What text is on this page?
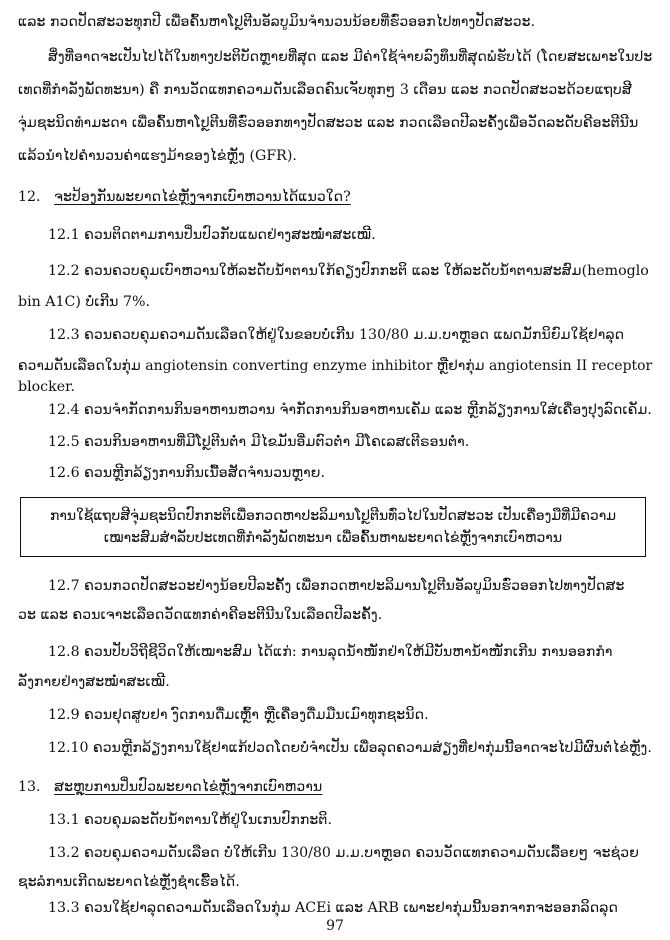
ແລະ ກວດປັດສະວະທຸກປີ ເພື່ອຄົ້ນຫາໂປຼຕີນອັລບູມິນຈຳນວນນ້ອຍທີ່ຮົ່ວອອກໄປທາງປັດສະວະ.
ສິ່ງທີ່ອາດຈະເປັນໄປໄດ້ໃນທາງປະຕິບັດຫຼາຍທີ່ສຸດ ແລະ ມີຄ່າໃຊ້ຈ່າຍລົງທຶນທີ່ສຸດພໍຮັບໄດ້ (ໂດຍສະເພາະໃນປະ
ເທດທີ່ກຳລັງພັດທະນາ) ຄື ການວັດແທກຄວາມດັນເລືອດຄົນເຈັບທຸກໆ 3 ເດືອນ ແລະ ກວດປັດສະວະດ້ວຍແຖບສີ
ຈຸ່ມຊະນິດທຳມະດາ ເພື່ອຄົ້ນຫາໂປຼຕີນທີ່ຮົ່ວອອກທາງປັດສະວະ ແລະ ກວດເລືອດປີລະຄັ້ງເພື່ອວັດລະດັບຄີອະຕີນີນ
ແລ້ວນຳໄປຄຳນວນຄ່າແຮງມ້າຂອງໄຂ່ຫຼັງ (GFR).
12. ຈະປ້ອງກັນພະຍາດໄຂ່ຫຼັງຈາກເບົາຫວານໄດ້ແນວໃດ?
12.1 ຄວນຕິດຕາມການປິ່ນປົວກັບແພດຢ່າງສະໝ່ຳສະເໝີ.
12.2 ຄວນຄວບຄຸມເບົາຫວານໃຫ້ລະດັບນ້ຳຕານໃກ້ຄຽງປົກກະຕິ ແລະ ໃຫ້ລະດັບນ້ຳຕານສະສົມ(hemoglo
bin A1C) ບໍ່ເກີນ 7%.
12.3 ຄວນຄວບຄຸມຄວາມດັນເລືອດໃຫ້ຢູ່ໃນຂອບບໍ່ເກີນ 130/80 ມ.ມ.ບາຫຼອດ ແພດມັກນິຍົມໃຊ້ຢາລຸດ
ຄວາມດັນເລືອດໃນກຸ່ມ angiotensin converting enzyme inhibitor ຫຼືຢາກຸ່ມ angiotensin II receptor
blocker.
12.4 ຄວນຈຳກັດການກິນອາຫານຫວານ ຈຳກັດການກິນອາຫານເຄັມ ແລະ ຫຼີກລ້ຽງການໃສ່ເຄື່ອງປຸງລົດເຄັມ.
12.5 ຄວນກິນອາຫານທີ່ມີໂປຼຕີນຕ່ຳ ມີໄຂມັນອີ່ມຕົວຕ່ຳ ມີໂຄເລສເຕີຣອນຕ່ຳ.
12.6 ຄວນຫຼີກລ້ຽງການກິນເນື້ອສັດຈຳນວນຫຼາຍ.
ການໃຊ້ແຖບສີຈຸ່ມຊະນິດປົກກະຕິເພື່ອກວດຫາປະລິມານໂປຼຕີນທົ່ວໄປໃນປັດສະວະ ເປັນເຄື່ອງມືທີ່ມີຄວາມ
ເໝາະສົມສຳລັບປະເທດທີ່ກຳລັງພັດທະນາ ເພື່ອຄົ້ນຫາພະຍາດໄຂ່ຫຼັງຈາກເບົາຫວານ
12.7 ຄວນກວດປັດສະວະຢ່າງນ້ອຍປີລະຄັ້ງ ເພື່ອກວດຫາປະລິມານໂປຼຕີນອັລບູມິນຮົ່ວອອກໄປທາງປັດສະ
ວະ ແລະ ຄວນເຈາະເລືອດວັດແທກຄ່າຄີອະຕີນີນໃນເລືອດປີລະຄັ້ງ.
12.8 ຄວນປັບວິຖີຊີວິດໃຫ້ເໝາະສົມ ໄດ້ແກ່: ການລຸດນ້ຳໜັກຢ່າໃຫ້ມີບັນຫານ້ຳໜັກເກີນ ການອອກກຳ
ລັງກາຍຢ່າງສະໝ່ຳສະເໝີ.
12.9 ຄວນຢຸດສູບຢາ ງົດການດື່ມເຫຼົ້າ ຫຼືເຄື່ອງດື່ມມືນເມົາທຸກຊະນິດ.
12.10 ຄວນຫຼີກລ້ຽງການໃຊ້ຢາແກ້ປວດໂດຍບໍ່ຈຳເປັນ ເພື່ອລຸດຄວາມສ່ຽງທີ່ຢາກຸ່ມນີ້ອາດຈະໄປມີຜົນຕໍ່ໄຂ່ຫຼັງ.
13. ສະຫຼຸບການປິ່ນປົວພະຍາດໄຂ່ຫຼັງຈາກເບົາຫວານ
13.1 ຄວບຄຸມລະດັບນ້ຳຕານໃຫ້ຢູ່ໃນເກນປົກກະຕິ.
13.2 ຄວບຄຸມຄວາມດັນເລືອດ ບໍ່ໃຫ້ເກີນ 130/80 ມ.ມ.ບາຫຼອດ ຄວນວັດແທກຄວາມດັນເລື້ອຍໆ ຈະຊ່ວຍ
ຊະລໍການເກີດພະຍາດໄຂ່ຫຼັງຊຳເຮື້ອໄດ້.
13.3 ຄວນໃຊ້ຢາລຸດຄວາມດັນເລືອດໃນກຸ່ມ ACEi ແລະ ARB ເພາະຢາກຸ່ມນີ້ນອກຈາກຈະອອກລິດລຸດ
97
